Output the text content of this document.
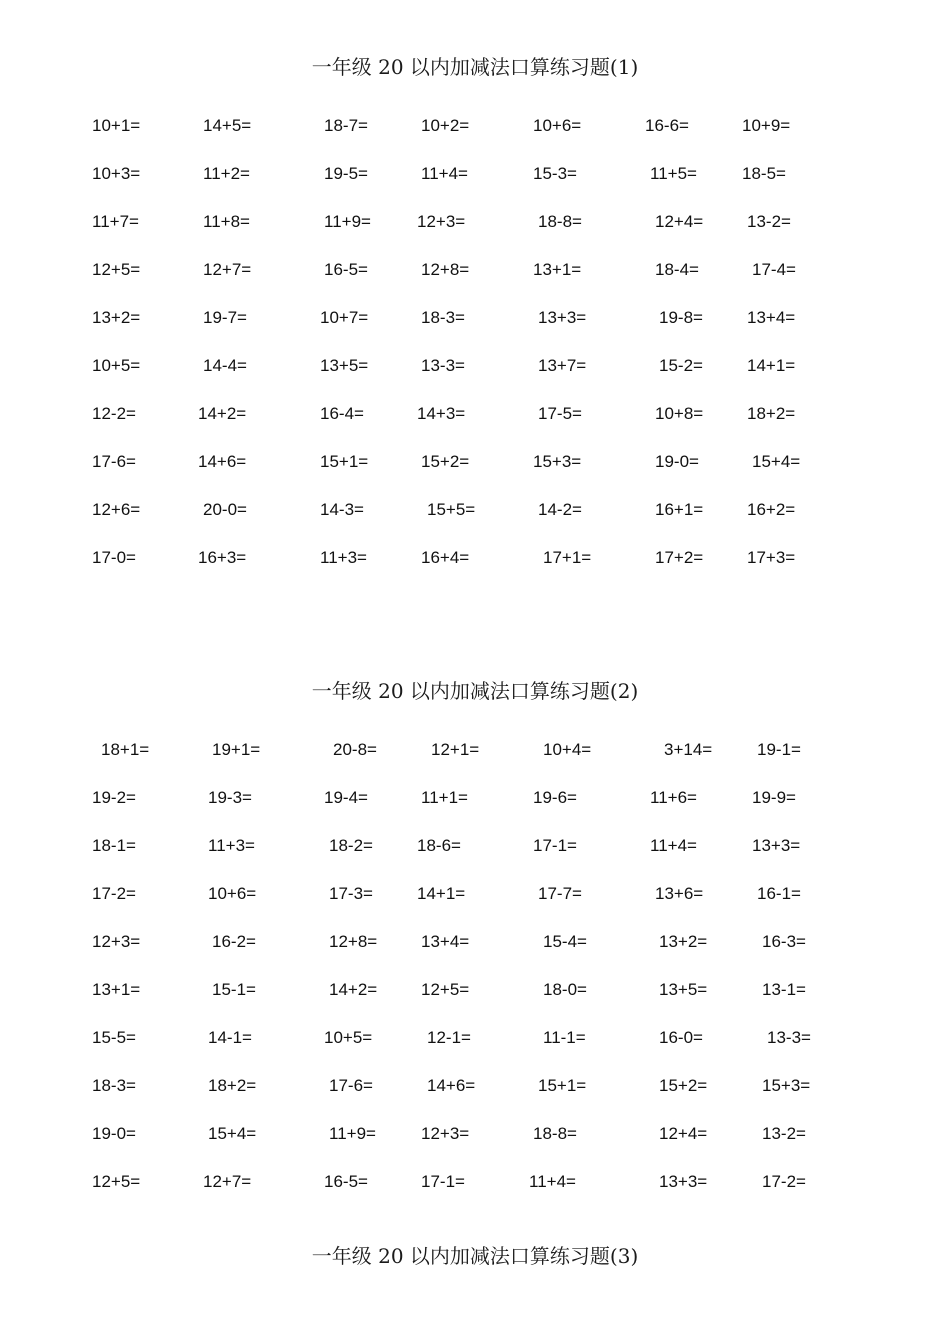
一年级 20 以内加减法口算练习题(1)
10+1=	14+5=	18-7=	10+2=	10+6=	16-6=	10+9=
10+3=	11+2=	19-5=	11+4=	15-3=	11+5=	18-5=
11+7=	11+8=	11+9=	12+3=	18-8=	12+4=	13-2=
12+5=	12+7=	16-5=	12+8=	13+1=	18-4=	17-4=
13+2=	19-7=	10+7=	18-3=	13+3=	19-8=	13+4=
10+5=	14-4=	13+5=	13-3=	13+7=	15-2=	14+1=
12-2=	14+2=	16-4=	14+3=	17-5=	10+8=	18+2=
17-6=	14+6=	15+1=	15+2=	15+3=	19-0=	15+4=
12+6=	20-0=	14-3=	15+5=	14-2=	16+1=	16+2=
17-0=	16+3=	11+3=	16+4=	17+1=	17+2=	17+3=
一年级 20 以内加减法口算练习题(2)
18+1=	19+1=	20-8=	12+1=	10+4=	3+14=	19-1=
19-2=	19-3=	19-4=	11+1=	19-6=	11+6=	19-9=
18-1=	11+3=	18-2=	18-6=	17-1=	11+4=	13+3=
17-2=	10+6=	17-3=	14+1=	17-7=	13+6=	16-1=
12+3=	16-2=	12+8=	13+4=	15-4=	13+2=	16-3=
13+1=	15-1=	14+2=	12+5=	18-0=	13+5=	13-1=
15-5=	14-1=	10+5=	12-1=	11-1=	16-0=	13-3=
18-3=	18+2=	17-6=	14+6=	15+1=	15+2=	15+3=
19-0=	15+4=	11+9=	12+3=	18-8=	12+4=	13-2=
12+5=	12+7=	16-5=	17-1=	11+4=	13+3=	17-2=
一年级 20 以内加减法口算练习题(3)
